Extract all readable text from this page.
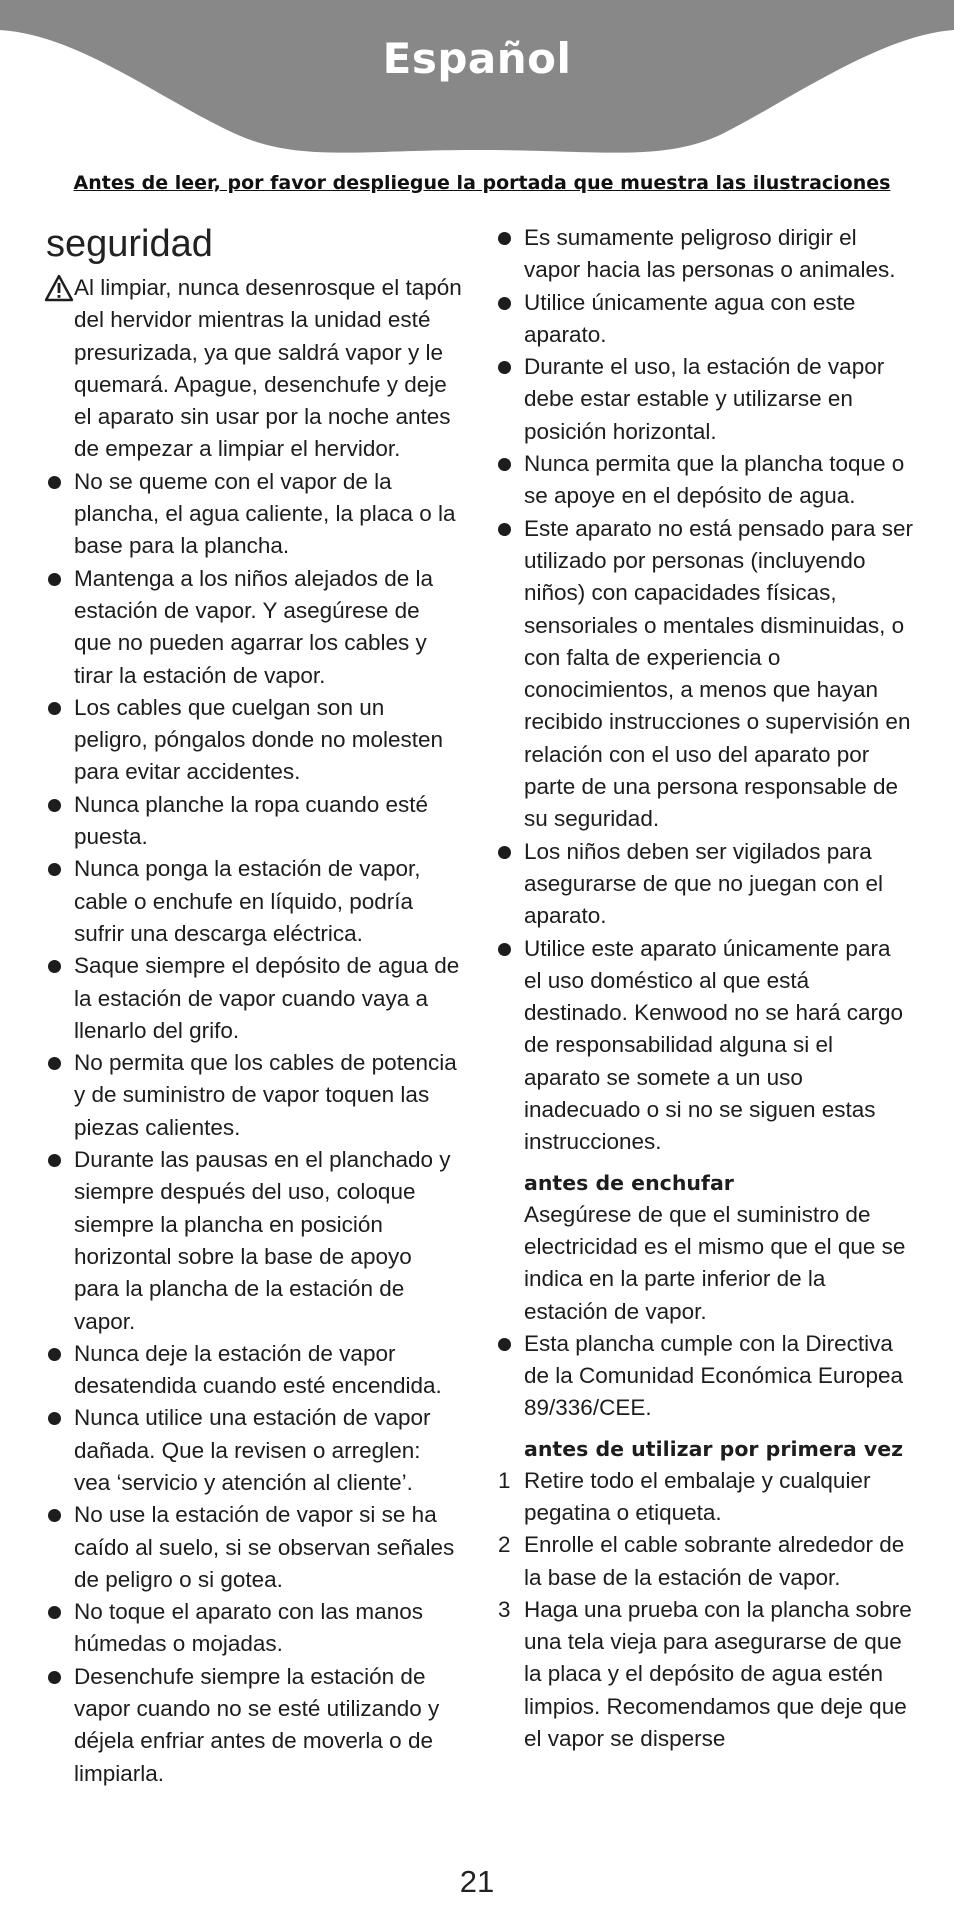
Español
Antes de leer, por favor despliegue la portada que muestra las ilustraciones
seguridad
Al limpiar, nunca desenrosque el tapón del hervidor mientras la unidad esté presurizada, ya que saldrá vapor y le quemará. Apague, desenchufe y deje el aparato sin usar por la noche antes de empezar a limpiar el hervidor.
No se queme con el vapor de la plancha, el agua caliente, la placa o la base para la plancha.
Mantenga a los niños alejados de la estación de vapor. Y asegúrese de que no pueden agarrar los cables y tirar la estación de vapor.
Los cables que cuelgan son un peligro, póngalos donde no molesten para evitar accidentes.
Nunca planche la ropa cuando esté puesta.
Nunca ponga la estación de vapor, cable o enchufe en líquido, podría sufrir una descarga eléctrica.
Saque siempre el depósito de agua de la estación de vapor cuando vaya a llenarlo del grifo.
No permita que los cables de potencia y de suministro de vapor toquen las piezas calientes.
Durante las pausas en el planchado y siempre después del uso, coloque siempre la plancha en posición horizontal sobre la base de apoyo para la plancha de la estación de vapor.
Nunca deje la estación de vapor desatendida cuando esté encendida.
Nunca utilice una estación de vapor dañada. Que la revisen o arreglen: vea ‘servicio y atención al cliente’.
No use la estación de vapor si se ha caído al suelo, si se observan señales de peligro o si gotea.
No toque el aparato con las manos húmedas o mojadas.
Desenchufe siempre la estación de vapor cuando no se esté utilizando y déjela enfriar antes de moverla o de limpiarla.
Es sumamente peligroso dirigir el vapor hacia las personas o animales.
Utilice únicamente agua con este aparato.
Durante el uso, la estación de vapor debe estar estable y utilizarse en posición horizontal.
Nunca permita que la plancha toque o se apoye en el depósito de agua.
Este aparato no está pensado para ser utilizado por personas (incluyendo niños) con capacidades físicas, sensoriales o mentales disminuidas, o con falta de experiencia o conocimientos, a menos que hayan recibido instrucciones o supervisión en relación con el uso del aparato por parte de una persona responsable de su seguridad.
Los niños deben ser vigilados para asegurarse de que no juegan con el aparato.
Utilice este aparato únicamente para el uso doméstico al que está destinado. Kenwood no se hará cargo de responsabilidad alguna si el aparato se somete a un uso inadecuado o si no se siguen estas instrucciones.
antes de enchufar
Asegúrese de que el suministro de electricidad es el mismo que el que se indica en la parte inferior de la estación de vapor.
Esta plancha cumple con la Directiva de la Comunidad Económica Europea 89/336/CEE.
antes de utilizar por primera vez
1 Retire todo el embalaje y cualquier pegatina o etiqueta.
2 Enrolle el cable sobrante alrededor de la base de la estación de vapor.
3 Haga una prueba con la plancha sobre una tela vieja para asegurarse de que la placa y el depósito de agua estén limpios. Recomendamos que deje que el vapor se disperse
21
